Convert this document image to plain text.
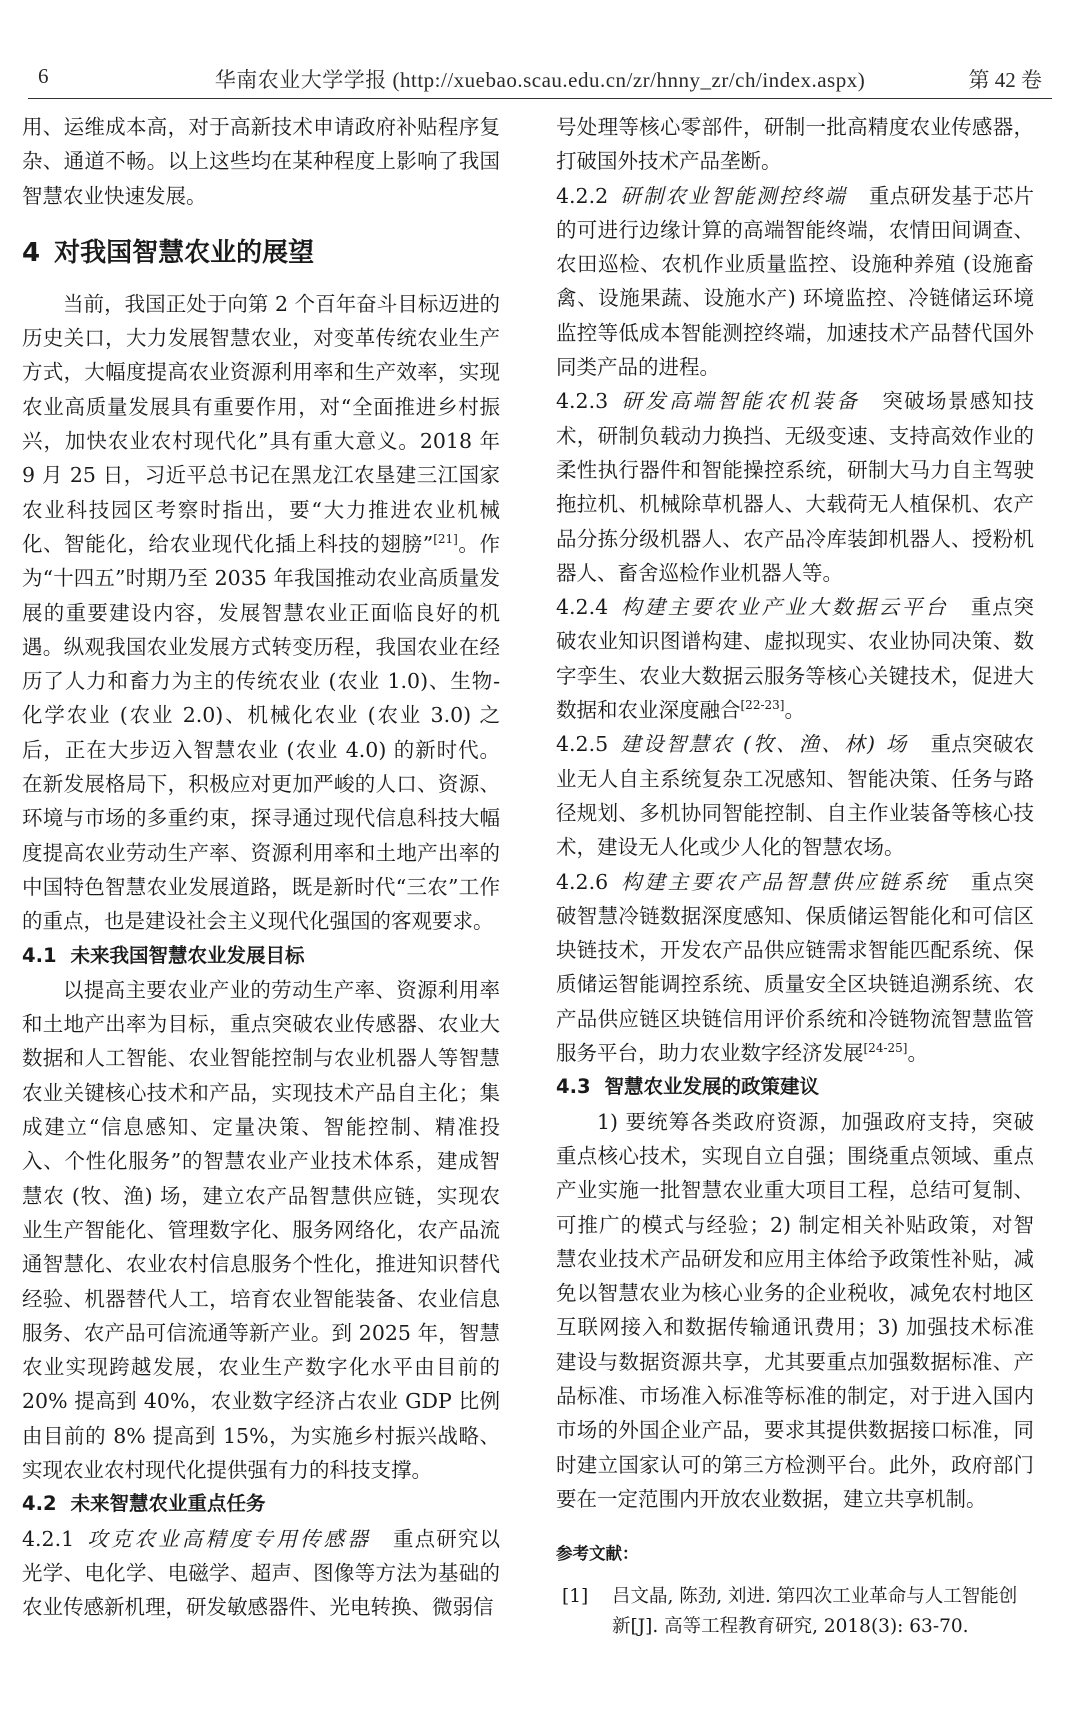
6	华南农业大学学报 (http://xuebao.scau.edu.cn/zr/hnny_zr/ch/index.aspx)	第 42 卷

用、运维成本高，对于高新技术申请政府补贴程序复杂、通道不畅。以上这些均在某种程度上影响了我国智慧农业快速发展。

4 对我国智慧农业的展望

当前，我国正处于向第 2 个百年奋斗目标迈进的历史关口，大力发展智慧农业，对变革传统农业生产方式，大幅度提高农业资源利用率和生产效率，实现农业高质量发展具有重要作用，对“全面推进乡村振兴，加快农业农村现代化”具有重大意义。2018 年 9 月 25 日，习近平总书记在黑龙江农垦建三江国家农业科技园区考察时指出，要“大力推进农业机械化、智能化，给农业现代化插上科技的翅膀”[21]。作为“十四五”时期乃至 2035 年我国推动农业高质量发展的重要建设内容，发展智慧农业正面临良好的机遇。纵观我国农业发展方式转变历程，我国农业在经历了人力和畜力为主的传统农业 (农业 1.0)、生物-化学农业 (农业 2.0)、机械化农业 (农业 3.0) 之后，正在大步迈入智慧农业 (农业 4.0) 的新时代。在新发展格局下，积极应对更加严峻的人口、资源、环境与市场的多重约束，探寻通过现代信息科技大幅度提高农业劳动生产率、资源利用率和土地产出率的中国特色智慧农业发展道路，既是新时代“三农”工作的重点，也是建设社会主义现代化强国的客观要求。

4.1 未来我国智慧农业发展目标

以提高主要农业产业的劳动生产率、资源利用率和土地产出率为目标，重点突破农业传感器、农业大数据和人工智能、农业智能控制与农业机器人等智慧农业关键核心技术和产品，实现技术产品自主化；集成建立“信息感知、定量决策、智能控制、精准投入、个性化服务”的智慧农业产业技术体系，建成智慧农 (牧、渔) 场，建立农产品智慧供应链，实现农业生产智能化、管理数字化、服务网络化，农产品流通智慧化、农业农村信息服务个性化，推进知识替代经验、机器替代人工，培育农业智能装备、农业信息服务、农产品可信流通等新产业。到 2025 年，智慧农业实现跨越发展，农业生产数字化水平由目前的 20% 提高到 40%，农业数字经济占农业 GDP 比例由目前的 8% 提高到 15%，为实施乡村振兴战略、实现农业农村现代化提供强有力的科技支撑。

4.2 未来智慧农业重点任务

4.2.1 攻克农业高精度专用传感器 重点研究以光学、电化学、电磁学、超声、图像等方法为基础的农业传感新机理，研发敏感器件、光电转换、微弱信

号处理等核心零部件，研制一批高精度农业传感器，打破国外技术产品垄断。

4.2.2 研制农业智能测控终端 重点研发基于芯片的可进行边缘计算的高端智能终端，农情田间调查、农田巡检、农机作业质量监控、设施种养殖 (设施畜禽、设施果蔬、设施水产) 环境监控、冷链储运环境监控等低成本智能测控终端，加速技术产品替代国外同类产品的进程。

4.2.3 研发高端智能农机装备 突破场景感知技术，研制负载动力换挡、无级变速、支持高效作业的柔性执行器件和智能操控系统，研制大马力自主驾驶拖拉机、机械除草机器人、大载荷无人植保机、农产品分拣分级机器人、农产品冷库装卸机器人、授粉机器人、畜舍巡检作业机器人等。

4.2.4 构建主要农业产业大数据云平台 重点突破农业知识图谱构建、虚拟现实、农业协同决策、数字孪生、农业大数据云服务等核心关键技术，促进大数据和农业深度融合[22-23]。

4.2.5 建设智慧农 (牧、渔、林) 场 重点突破农业无人自主系统复杂工况感知、智能决策、任务与路径规划、多机协同智能控制、自主作业装备等核心技术，建设无人化或少人化的智慧农场。

4.2.6 构建主要农产品智慧供应链系统 重点突破智慧冷链数据深度感知、保质储运智能化和可信区块链技术，开发农产品供应链需求智能匹配系统、保质储运智能调控系统、质量安全区块链追溯系统、农产品供应链区块链信用评价系统和冷链物流智慧监管服务平台，助力农业数字经济发展[24-25]。

4.3 智慧农业发展的政策建议

1) 要统筹各类政府资源，加强政府支持，突破重点核心技术，实现自立自强；围绕重点领域、重点产业实施一批智慧农业重大项目工程，总结可复制、可推广的模式与经验；2) 制定相关补贴政策，对智慧农业技术产品研发和应用主体给予政策性补贴，减免以智慧农业为核心业务的企业税收，减免农村地区互联网接入和数据传输通讯费用；3) 加强技术标准建设与数据资源共享，尤其要重点加强数据标准、产品标准、市场准入标准等标准的制定，对于进入国内市场的外国企业产品，要求其提供数据接口标准，同时建立国家认可的第三方检测平台。此外，政府部门要在一定范围内开放农业数据，建立共享机制。

参考文献：
[1] 吕文晶, 陈劲, 刘进. 第四次工业革命与人工智能创新[J]. 高等工程教育研究, 2018(3): 63-70.
